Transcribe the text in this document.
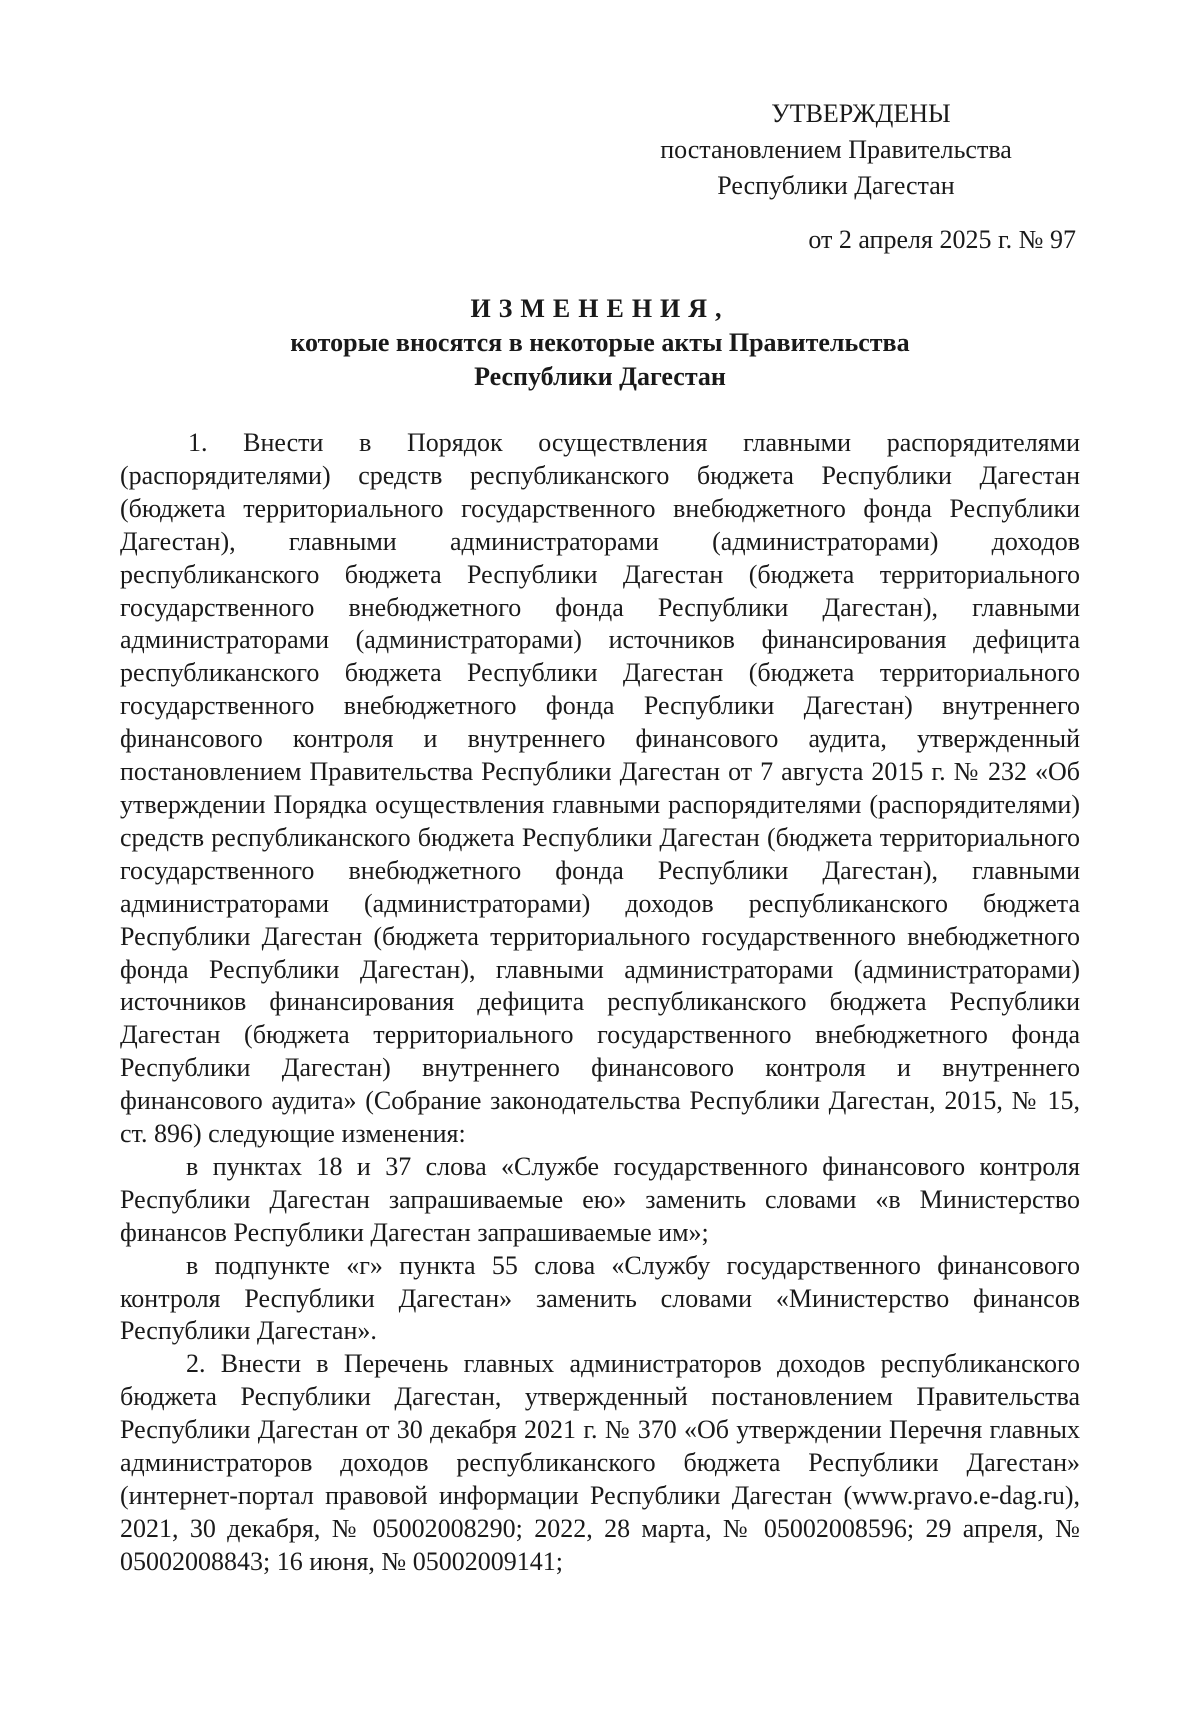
УТВЕРЖДЕНЫ
постановлением Правительства
Республики Дагестан
от 2 апреля 2025 г. № 97
ИЗМЕНЕНИЯ,
которые вносятся в некоторые акты Правительства
Республики Дагестан

1. Внести в Порядок осуществления главными распорядителями (распорядителями) средств республиканского бюджета Республики Дагестан (бюджета территориального государственного внебюджетного фонда Республики Дагестан), главными администраторами (администраторами) доходов республиканского бюджета Республики Дагестан (бюджета территориального государственного внебюджетного фонда Республики Дагестан), главными администраторами (администраторами) источников финансирования дефицита республиканского бюджета Республики Дагестан (бюджета территориального государственного внебюджетного фонда Республики Дагестан) внутреннего финансового контроля и внутреннего финансового аудита, утвержденный постановлением Правительства Республики Дагестан от 7 августа 2015 г. № 232 «Об утверждении Порядка осуществления главными распорядителями (распорядителями) средств республиканского бюджета Республики Дагестан (бюджета территориального государственного внебюджетного фонда Республики Дагестан), главными администраторами (администраторами) доходов республиканского бюджета Республики Дагестан (бюджета территориального государственного внебюджетного фонда Республики Дагестан), главными администраторами (администраторами) источников финансирования дефицита республиканского бюджета Республики Дагестан (бюджета территориального государственного внебюджетного фонда Республики Дагестан) внутреннего финансового контроля и внутреннего финансового аудита» (Собрание законодательства Республики Дагестан, 2015, № 15, ст. 896) следующие изменения:

в пунктах 18 и 37 слова «Службе государственного финансового контроля Республики Дагестан запрашиваемые ею» заменить словами «в Министерство финансов Республики Дагестан запрашиваемые им»;

в подпункте «г» пункта 55 слова «Службу государственного финансового контроля Республики Дагестан» заменить словами «Министерство финансов Республики Дагестан».

2. Внести в Перечень главных администраторов доходов республиканского бюджета Республики Дагестан, утвержденный постановлением Правительства Республики Дагестан от 30 декабря 2021 г. № 370 «Об утверждении Перечня главных администраторов доходов республиканского бюджета Республики Дагестан» (интернет-портал правовой информации Республики Дагестан (www.pravo.e-dag.ru), 2021, 30 декабря, № 05002008290; 2022, 28 марта, № 05002008596; 29 апреля, № 05002008843; 16 июня, № 05002009141;
